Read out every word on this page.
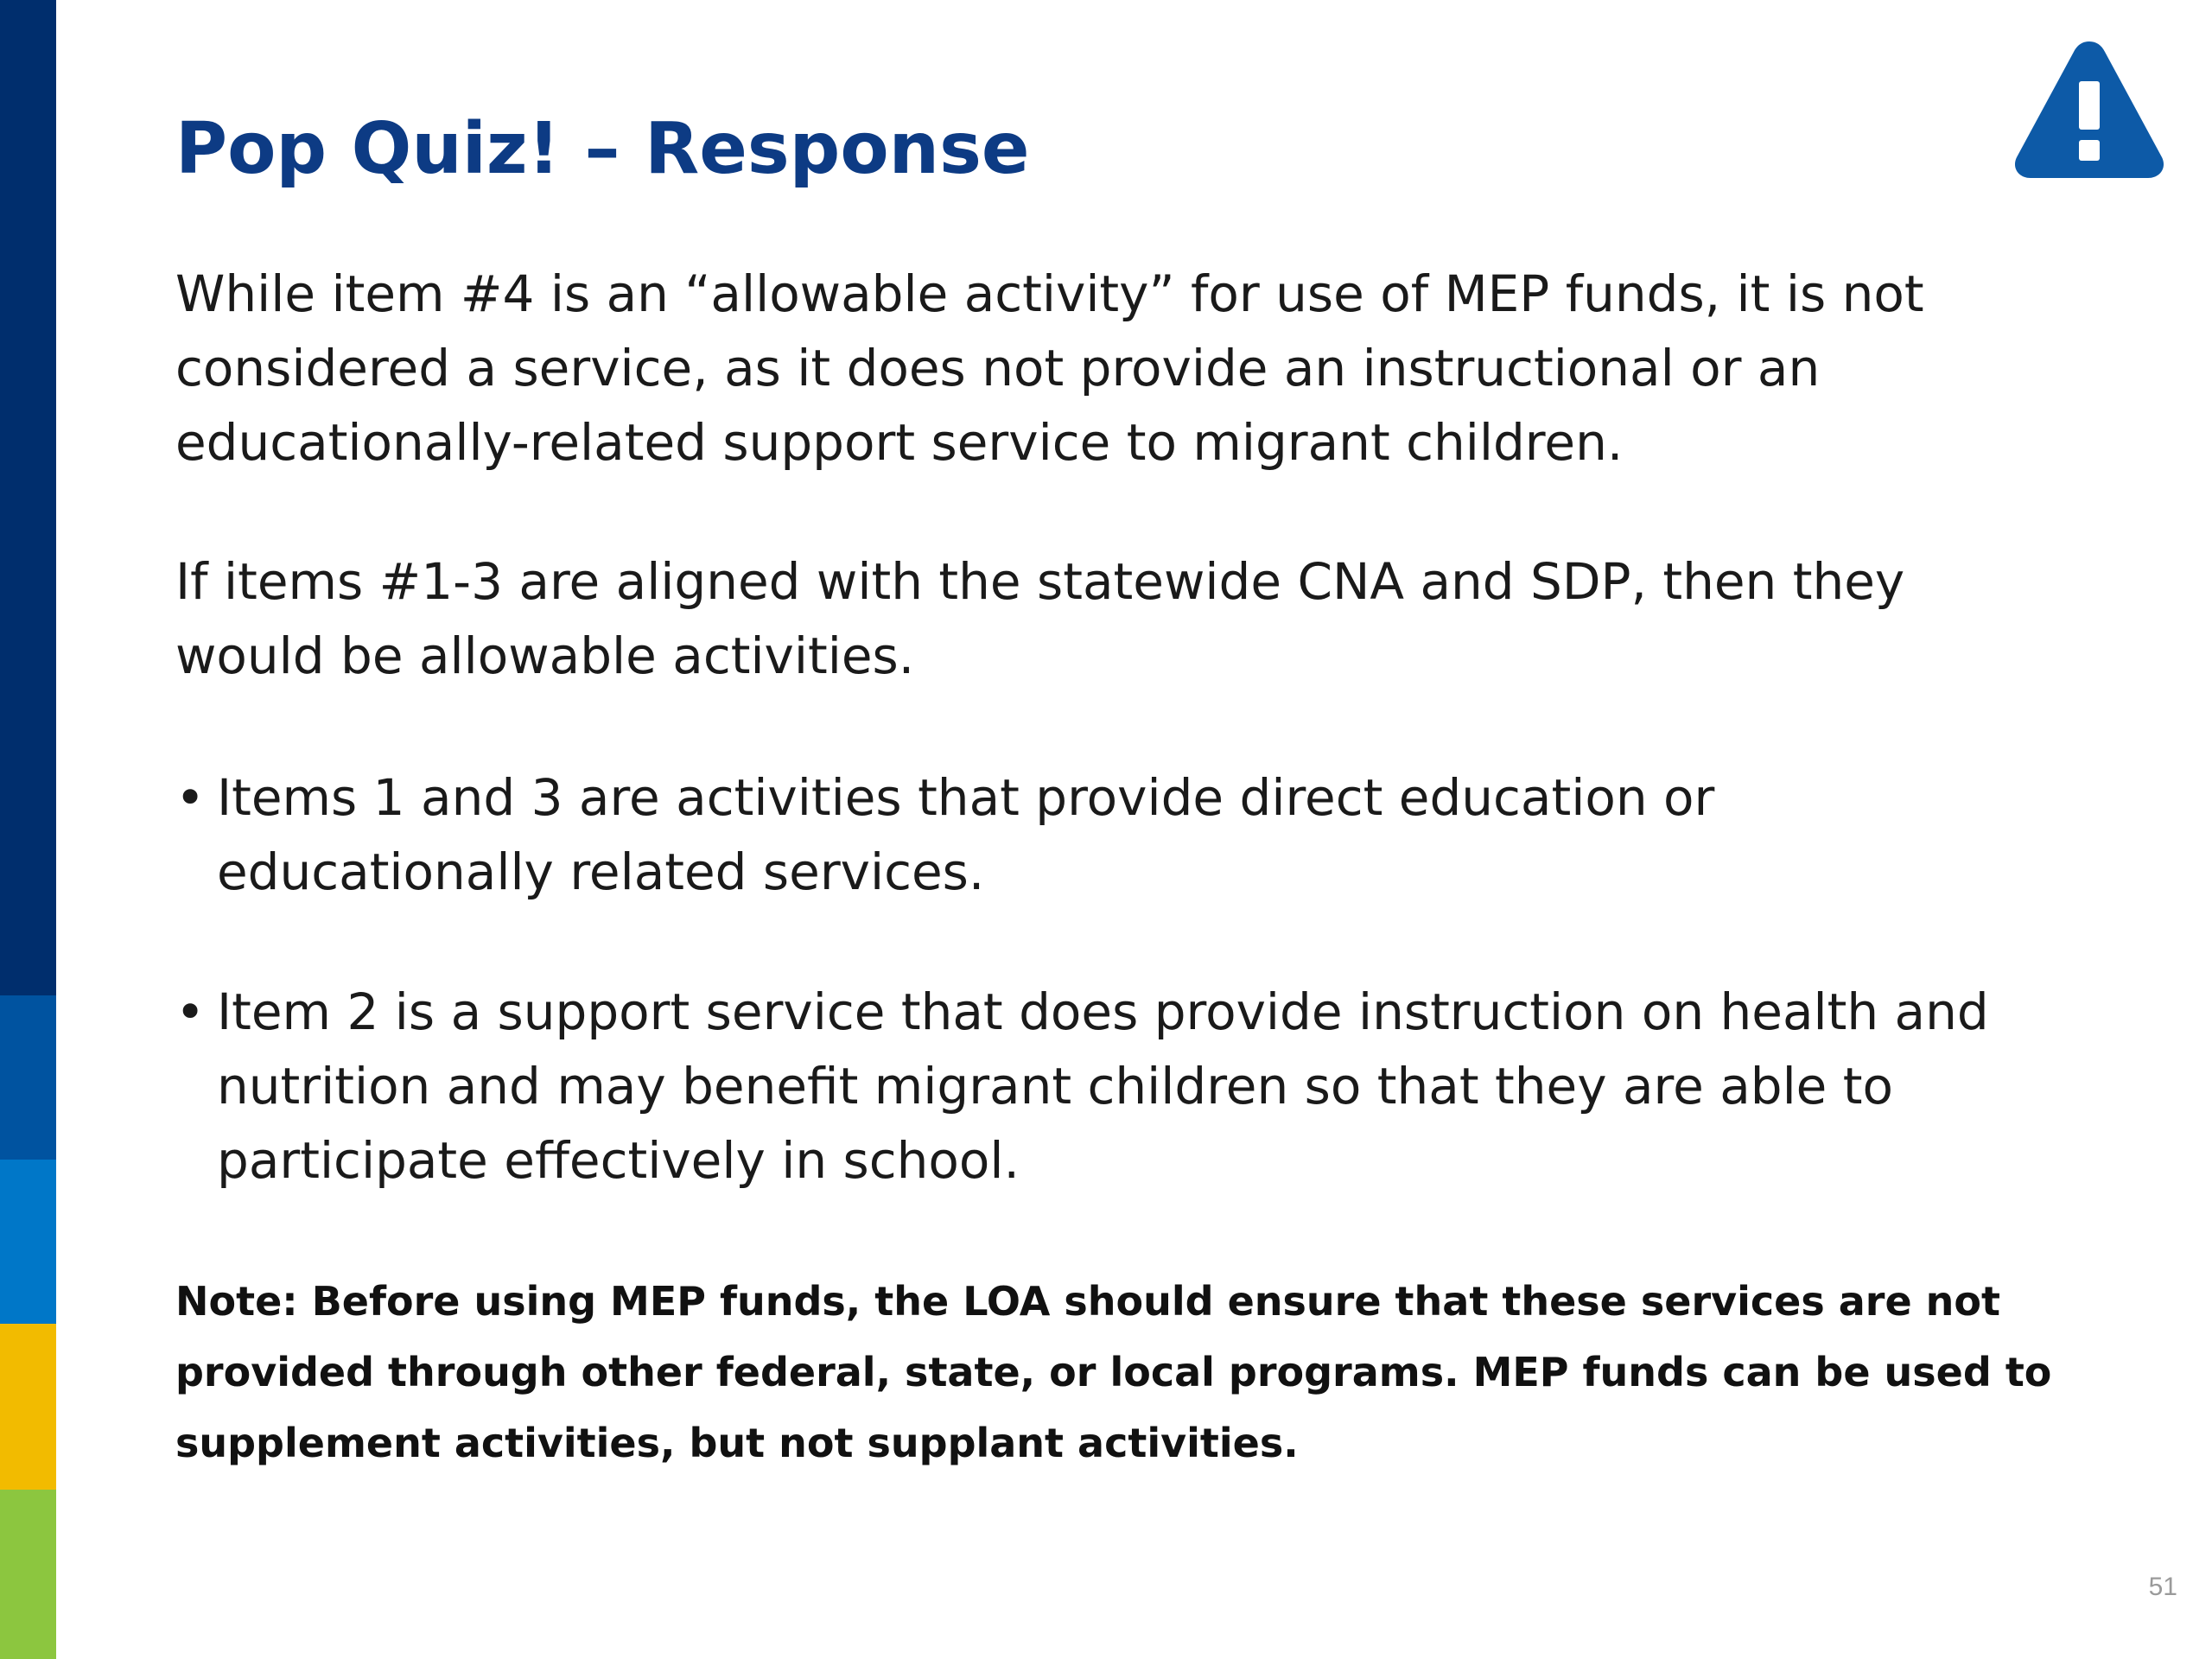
Pop Quiz! – Response

While item #4 is an “allowable activity” for use of MEP funds, it is not considered a service, as it does not provide an instructional or an educationally-related support service to migrant children.

If items #1-3 are aligned with the statewide CNA and SDP, then they would be allowable activities.

• Items 1 and 3 are activities that provide direct education or educationally related services.
• Item 2 is a support service that does provide instruction on health and nutrition and may benefit migrant children so that they are able to participate effectively in school.

Note: Before using MEP funds, the LOA should ensure that these services are not provided through other federal, state, or local programs. MEP funds can be used to supplement activities, but not supplant activities.

51
